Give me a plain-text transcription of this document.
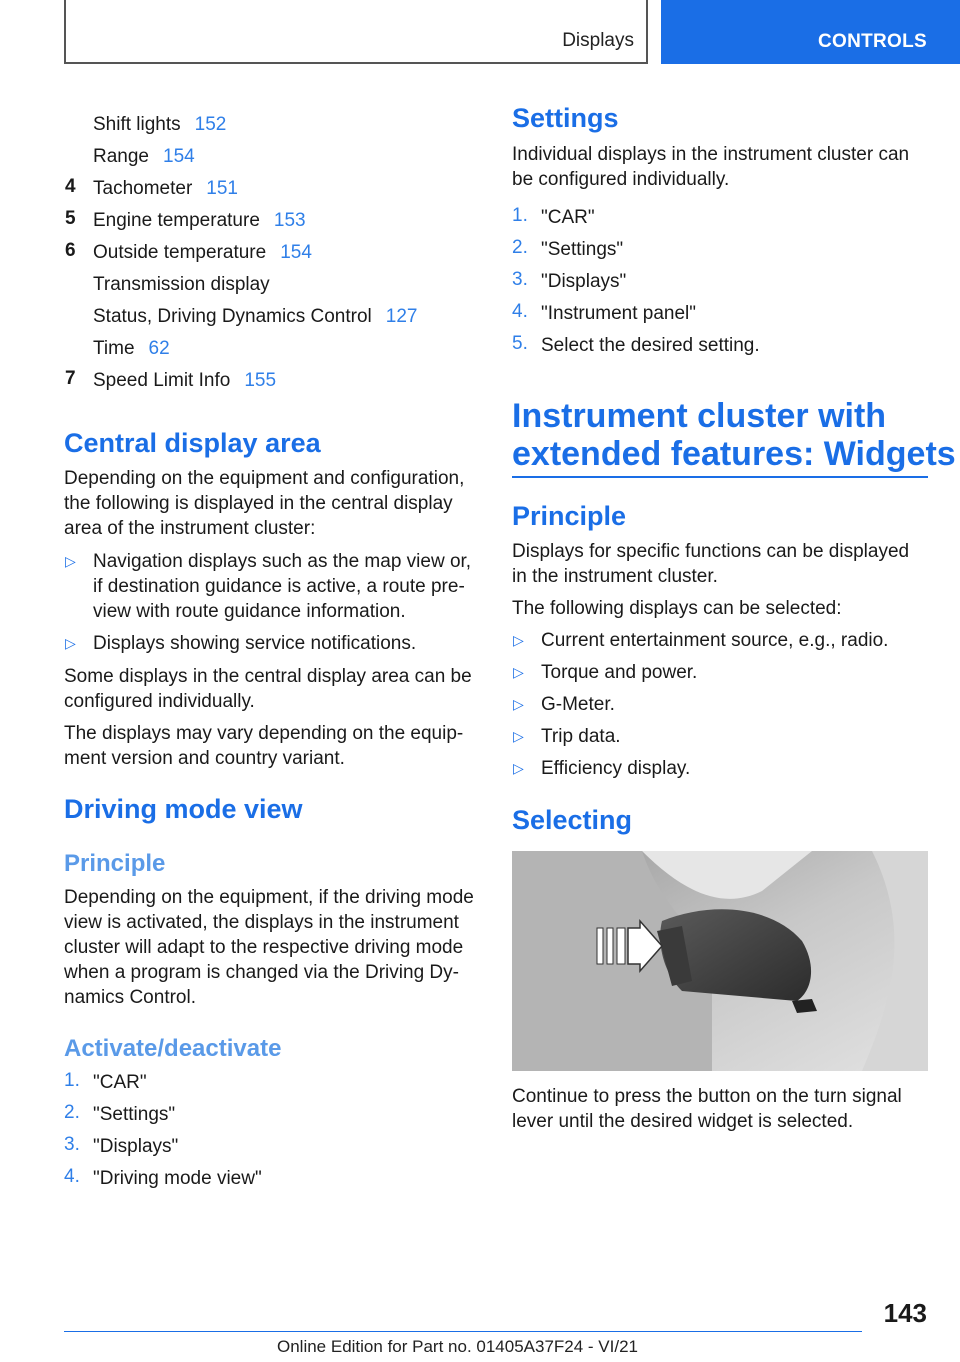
Displays	CONTROLS
Shift lights 152
Range 154
4 Tachometer 151
5 Engine temperature 153
6 Outside temperature 154
Transmission display
Status, Driving Dynamics Control 127
Time 62
7 Speed Limit Info 155
Central display area
Depending on the equipment and configuration,
the following is displayed in the central display
area of the instrument cluster:
▷ Navigation displays such as the map view or,
if destination guidance is active, a route pre-
view with route guidance information.
▷ Displays showing service notifications.
Some displays in the central display area can be
configured individually.
The displays may vary depending on the equip-
ment version and country variant.
Driving mode view
Principle
Depending on the equipment, if the driving mode
view is activated, the displays in the instrument
cluster will adapt to the respective driving mode
when a program is changed via the Driving Dy-
namics Control.
Activate/deactivate
1. "CAR"
2. "Settings"
3. "Displays"
4. "Driving mode view"
Settings
Individual displays in the instrument cluster can
be configured individually.
1. "CAR"
2. "Settings"
3. "Displays"
4. "Instrument panel"
5. Select the desired setting.
Instrument cluster with
extended features: Widgets
Principle
Displays for specific functions can be displayed
in the instrument cluster.
The following displays can be selected:
▷ Current entertainment source, e.g., radio.
▷ Torque and power.
▷ G-Meter.
▷ Trip data.
▷ Efficiency display.
Selecting
Continue to press the button on the turn signal
lever until the desired widget is selected.
143
Online Edition for Part no. 01405A37F24 - VI/21
